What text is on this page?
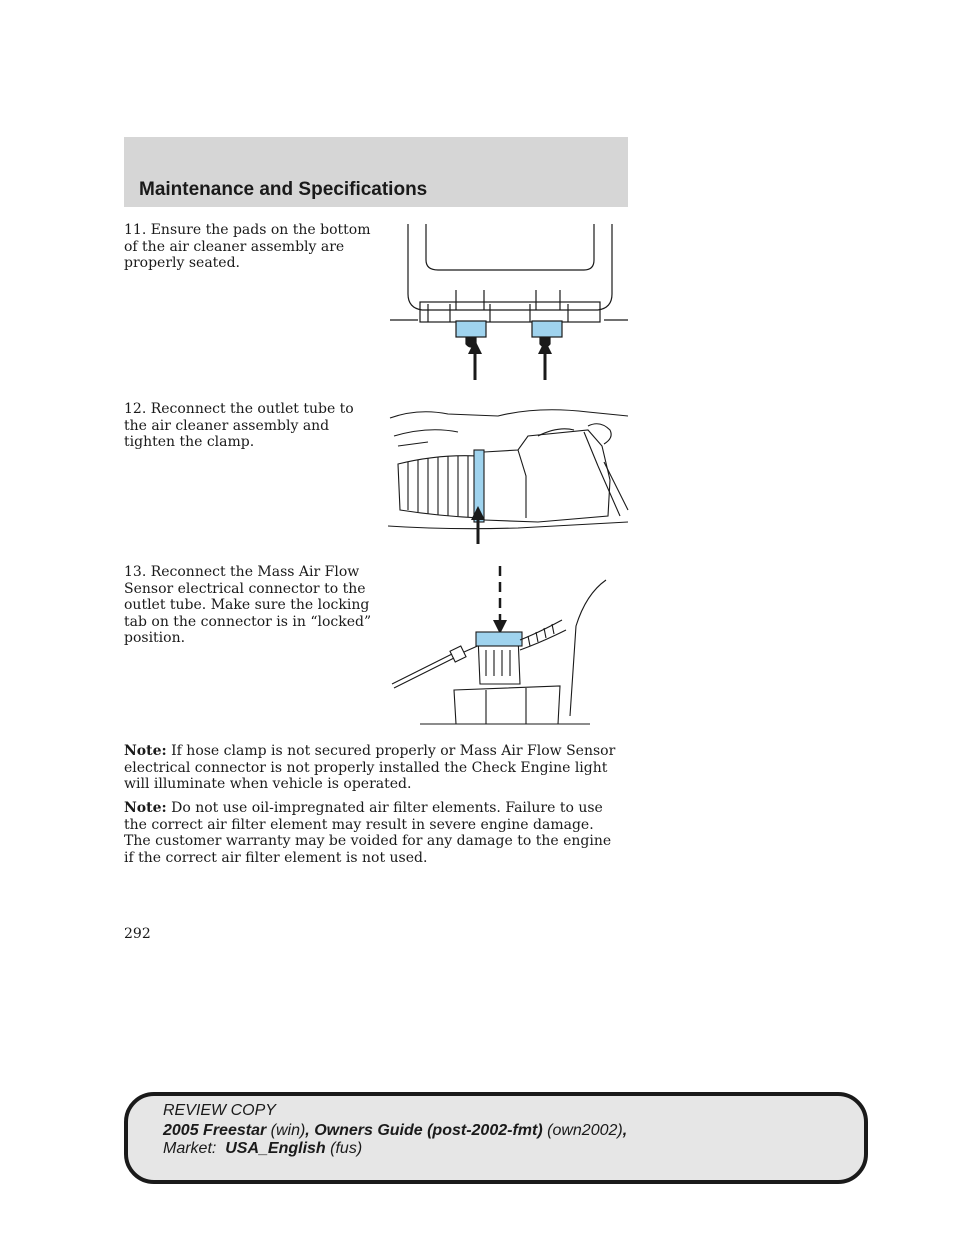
Maintenance and Specifications

11. Ensure the pads on the bottom of the air cleaner assembly are properly seated.

12. Reconnect the outlet tube to the air cleaner assembly and tighten the clamp.

13. Reconnect the Mass Air Flow Sensor electrical connector to the outlet tube. Make sure the locking tab on the connector is in “locked” position.

Note: If hose clamp is not secured properly or Mass Air Flow Sensor electrical connector is not properly installed the Check Engine light will illuminate when vehicle is operated.

Note: Do not use oil-impregnated air filter elements. Failure to use the correct air filter element may result in severe engine damage. The customer warranty may be voided for any damage to the engine if the correct air filter element is not used.

292
REVIEW COPY
2005 Freestar (win), Owners Guide (post-2002-fmt) (own2002),
Market:  USA_English (fus)
